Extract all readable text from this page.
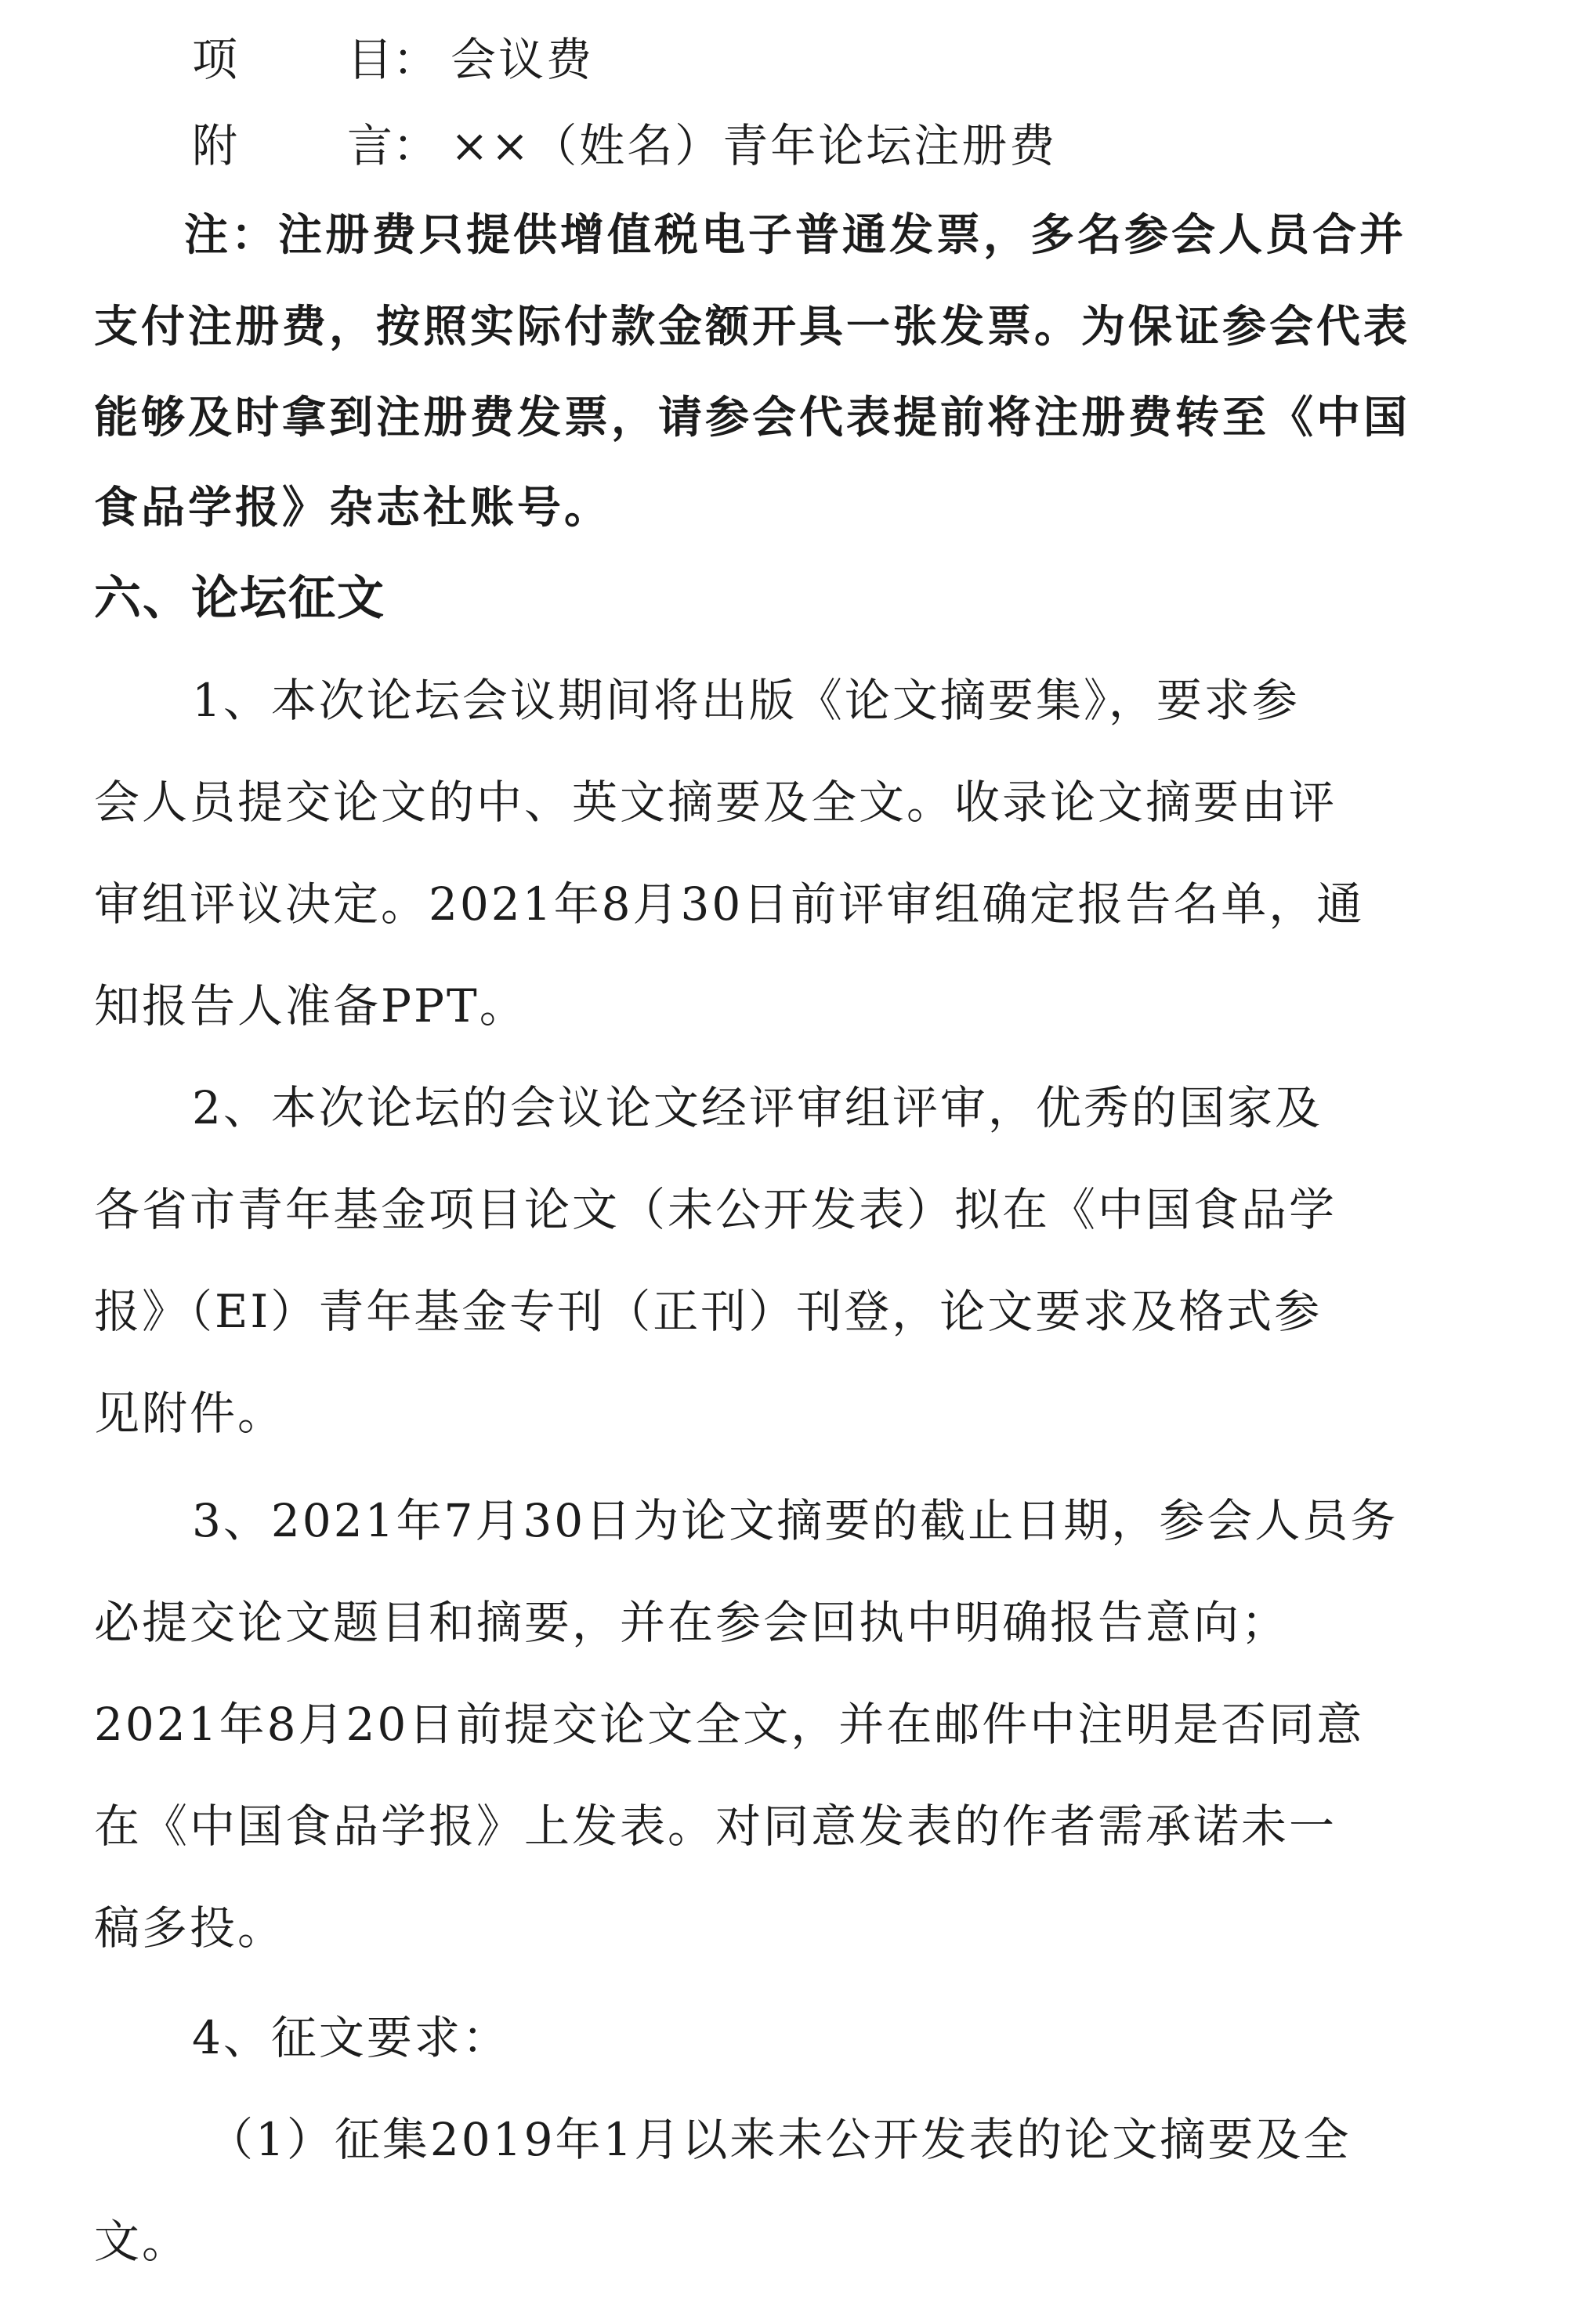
项 目： 会议费
附 言： ××（姓名）青年论坛注册费
注：注册费只提供增值税电子普通发票，多名参会人员合并
支付注册费，按照实际付款金额开具一张发票。为保证参会代表
能够及时拿到注册费发票，请参会代表提前将注册费转至《中国
食品学报》杂志社账号。
六、论坛征文
1、本次论坛会议期间将出版《论文摘要集》，要求参
会人员提交论文的中、英文摘要及全文。收录论文摘要由评
审组评议决定。2021年8月30日前评审组确定报告名单，通
知报告人准备PPT。
2、本次论坛的会议论文经评审组评审，优秀的国家及
各省市青年基金项目论文（未公开发表）拟在《中国食品学
报》（EI）青年基金专刊（正刊）刊登，论文要求及格式参
见附件。
3、2021年7月30日为论文摘要的截止日期，参会人员务
必提交论文题目和摘要，并在参会回执中明确报告意向；
2021年8月20日前提交论文全文，并在邮件中注明是否同意
在《中国食品学报》上发表。对同意发表的作者需承诺未一
稿多投。
4、征文要求：
（1）征集2019年1月以来未公开发表的论文摘要及全
文。
